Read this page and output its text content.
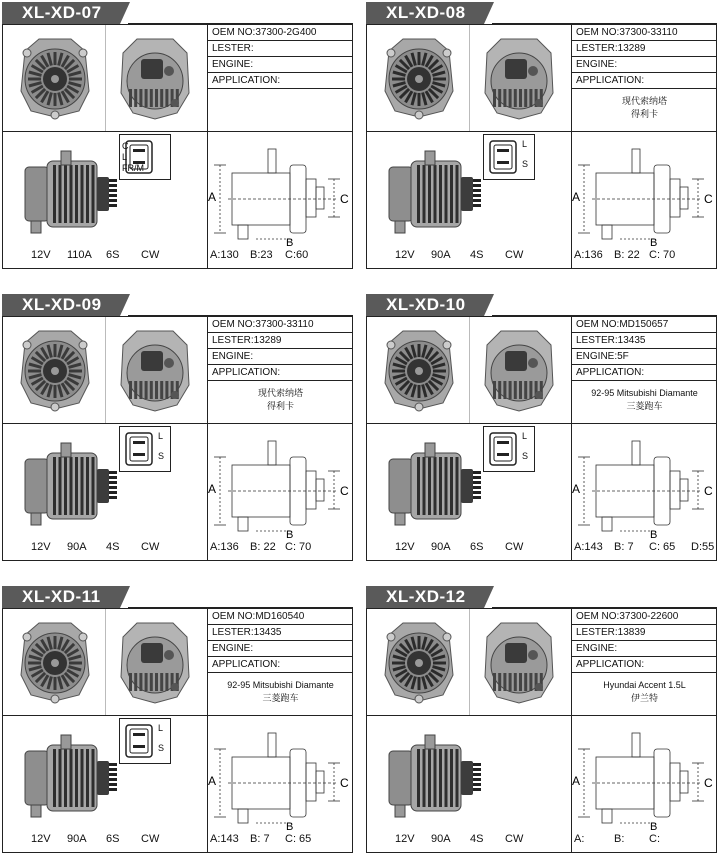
XL-XD-07
OEM NO:37300-2G400
LESTER:
ENGINE:
APPLICATION:
C
L
FR/M
A	C
B
12V 110A 6S CW	A:130 B:23 C:60
XL-XD-08
OEM NO:37300-33110
LESTER:13289
ENGINE:
APPLICATION:
现代索纳塔
得利卡
L
S
A	C
B
12V 90A 4S CW	A:136 B: 22 C: 70
XL-XD-09
OEM NO:37300-33110
LESTER:13289
ENGINE:
APPLICATION:
现代索纳塔
得利卡
L
S
A	C
B
12V 90A 4S CW	A:136 B: 22 C: 70
XL-XD-10
OEM NO:MD150657
LESTER:13435
ENGINE:5F
APPLICATION:
92-95 Mitsubishi Diamante
三菱跑车
L
S
A	C
B
12V 90A 6S CW	A:143 B: 7 C: 65 D:55
XL-XD-11
OEM NO:MD160540
LESTER:13435
ENGINE:
APPLICATION:
92-95 Mitsubishi Diamante
三菱跑车
L
S
A	C
B
12V 90A 6S CW	A:143 B: 7 C: 65
XL-XD-12
OEM NO:37300-22600
LESTER:13839
ENGINE:
APPLICATION:
Hyundai Accent 1.5L
伊兰特
A	C
B
12V 90A 4S CW	A:	B: C:
